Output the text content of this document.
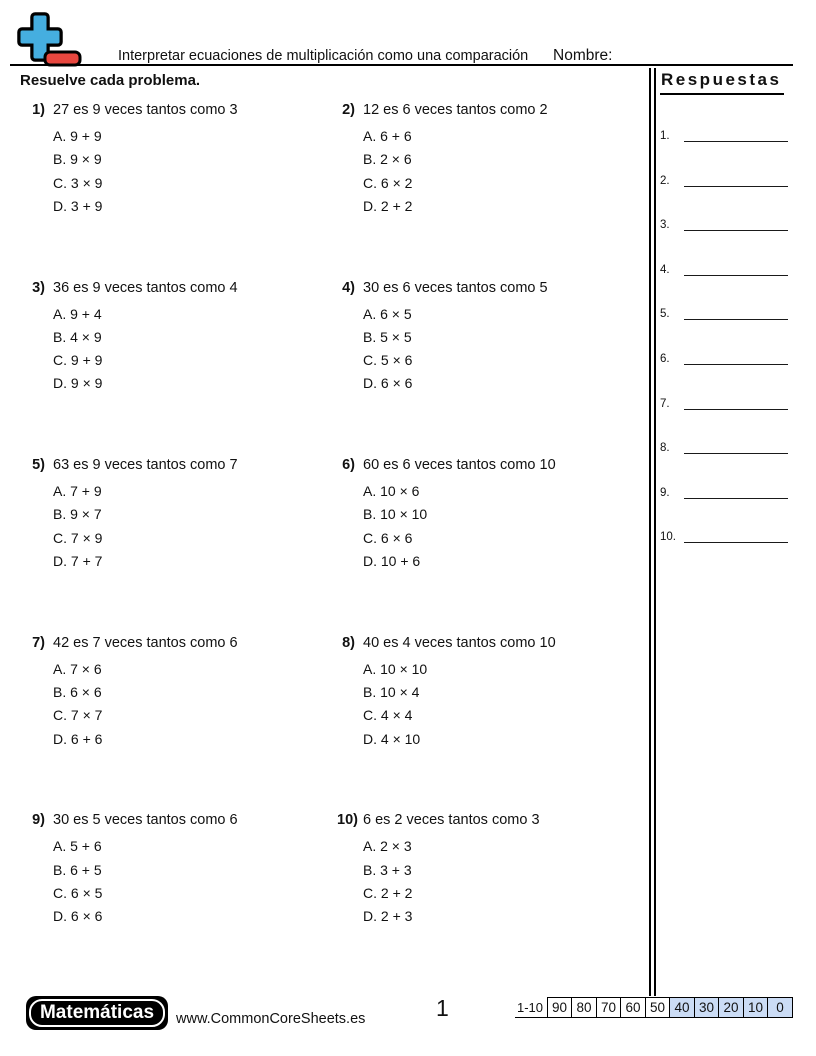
Interpretar ecuaciones de multiplicación como una comparación Nombre:
Resuelve cada problema.
1) 27 es 9 veces tantos como 3
A. 9 + 9
B. 9 × 9
C. 3 × 9
D. 3 + 9
2) 12 es 6 veces tantos como 2
A. 6 + 6
B. 2 × 6
C. 6 × 2
D. 2 + 2
3) 36 es 9 veces tantos como 4
A. 9 + 4
B. 4 × 9
C. 9 + 9
D. 9 × 9
4) 30 es 6 veces tantos como 5
A. 6 × 5
B. 5 × 5
C. 5 × 6
D. 6 × 6
5) 63 es 9 veces tantos como 7
A. 7 + 9
B. 9 × 7
C. 7 × 9
D. 7 + 7
6) 60 es 6 veces tantos como 10
A. 10 × 6
B. 10 × 10
C. 6 × 6
D. 10 + 6
7) 42 es 7 veces tantos como 6
A. 7 × 6
B. 6 × 6
C. 7 × 7
D. 6 + 6
8) 40 es 4 veces tantos como 10
A. 10 × 10
B. 10 × 4
C. 4 × 4
D. 4 × 10
9) 30 es 5 veces tantos como 6
A. 5 + 6
B. 6 + 5
C. 6 × 5
D. 6 × 6
10) 6 es 2 veces tantos como 3
A. 2 × 3
B. 3 + 3
C. 2 + 2
D. 2 + 3
Respuestas
1.
2.
3.
4.
5.
6.
7.
8.
9.
10.
Matemáticas www.CommonCoreSheets.es	1	1-10 90 80 70 60 50 40 30 20 10 0
